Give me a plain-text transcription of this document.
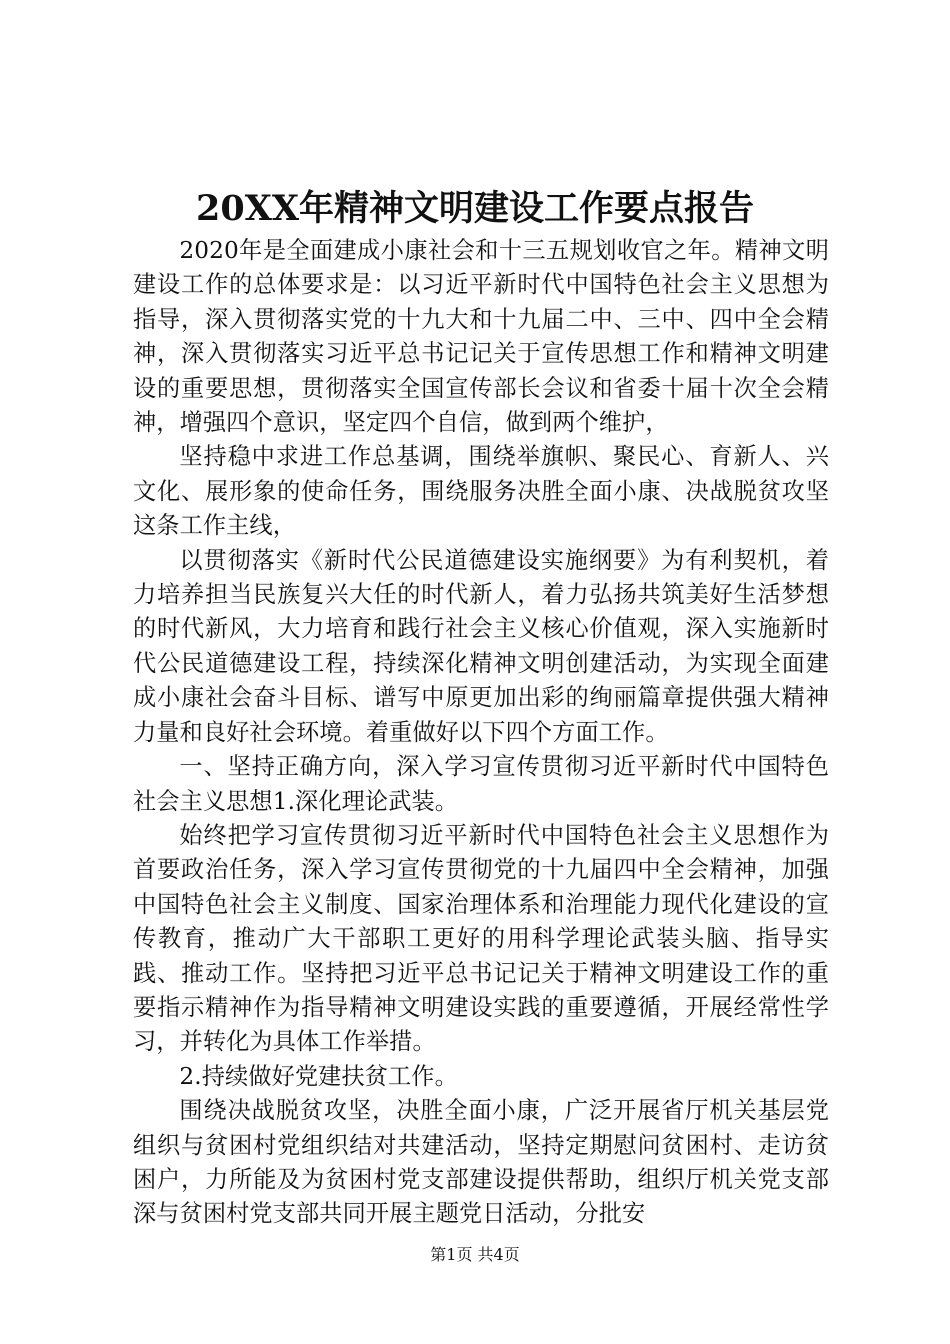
20XX年精神文明建设工作要点报告

2020年是全面建成小康社会和十三五规划收官之年。精神文明建设工作的总体要求是：以习近平新时代中国特色社会主义思想为指导，深入贯彻落实党的十九大和十九届二中、三中、四中全会精神，深入贯彻落实习近平总书记记关于宣传思想工作和精神文明建设的重要思想，贯彻落实全国宣传部长会议和省委十届十次全会精神，增强四个意识，坚定四个自信，做到两个维护，

坚持稳中求进工作总基调，围绕举旗帜、聚民心、育新人、兴文化、展形象的使命任务，围绕服务决胜全面小康、决战脱贫攻坚这条工作主线，

以贯彻落实《新时代公民道德建设实施纲要》为有利契机，着力培养担当民族复兴大任的时代新人，着力弘扬共筑美好生活梦想的时代新风，大力培育和践行社会主义核心价值观，深入实施新时代公民道德建设工程，持续深化精神文明创建活动，为实现全面建成小康社会奋斗目标、谱写中原更加出彩的绚丽篇章提供强大精神力量和良好社会环境。着重做好以下四个方面工作。

一、坚持正确方向，深入学习宣传贯彻习近平新时代中国特色社会主义思想1.深化理论武装。

始终把学习宣传贯彻习近平新时代中国特色社会主义思想作为首要政治任务，深入学习宣传贯彻党的十九届四中全会精神，加强中国特色社会主义制度、国家治理体系和治理能力现代化建设的宣传教育，推动广大干部职工更好的用科学理论武装头脑、指导实践、推动工作。坚持把习近平总书记记关于精神文明建设工作的重要指示精神作为指导精神文明建设实践的重要遵循，开展经常性学习，并转化为具体工作举措。

2.持续做好党建扶贫工作。

围绕决战脱贫攻坚，决胜全面小康，广泛开展省厅机关基层党组织与贫困村党组织结对共建活动，坚持定期慰问贫困村、走访贫困户，力所能及为贫困村党支部建设提供帮助，组织厅机关党支部深与贫困村党支部共同开展主题党日活动，分批安

第1页 共4页
